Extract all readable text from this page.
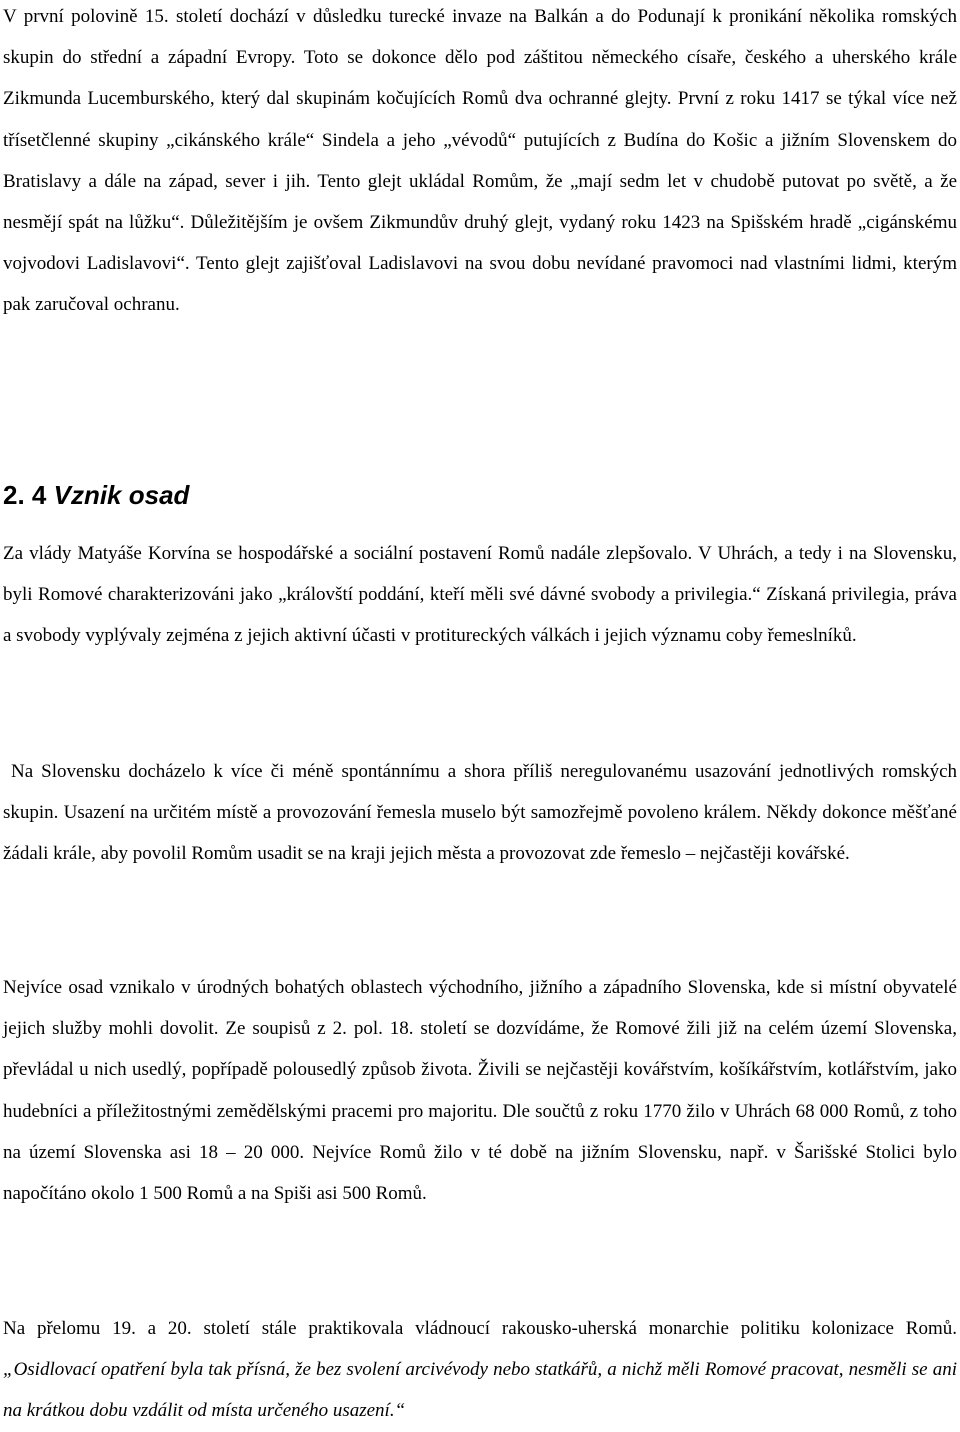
V první polovině 15. století dochází v důsledku turecké invaze na Balkán a do Podunají k pronikání několika romských skupin do střední a západní Evropy. Toto se dokonce dělo pod záštitou německého císaře, českého a uherského krále Zikmunda Lucemburského, který dal skupinám kočujících Romů dva ochranné glejty. První z roku 1417 se týkal více než třísetčlenné skupiny „cikánského krále“ Sindela a jeho „vévodů“ putujících z Budína do Košic a jižním Slovenskem do Bratislavy a dále na západ, sever i jih. Tento glejt ukládal Romům, že „mají sedm let v chudobě putovat po světě, a že nesmějí spát na lůžku“. Důležitějším je ovšem Zikmundův druhý glejt, vydaný roku 1423 na Spišském hradě „cigánskému vojvodovi Ladislavovi“. Tento glejt zajišťoval Ladislavovi na svou dobu nevídané pravomoci nad vlastními lidmi, kterým pak zaručoval ochranu.

2. 4 Vznik osad

Za vlády Matyáše Korvína se hospodářské a sociální postavení Romů nadále zlepšovalo. V Uhrách, a tedy i na Slovensku, byli Romové charakterizováni jako „královští poddání, kteří měli své dávné svobody a privilegia.“ Získaná privilegia, práva a svobody vyplývaly zejména z jejich aktivní účasti v protitureckých válkách i jejich významu coby řemeslníků.

Na Slovensku docházelo k více či méně spontánnímu a shora příliš neregulovanému usazování jednotlivých romských skupin. Usazení na určitém místě a provozování řemesla muselo být samozřejmě povoleno králem. Někdy dokonce měšťané žádali krále, aby povolil Romům usadit se na kraji jejich města a provozovat zde řemeslo – nejčastěji kovářské.

Nejvíce osad vznikalo v úrodných bohatých oblastech východního, jižního a západního Slovenska, kde si místní obyvatelé jejich služby mohli dovolit. Ze soupisů z 2. pol. 18. století se dozvídáme, že Romové žili již na celém území Slovenska, převládal u nich usedlý, popřípadě polousedlý způsob života. Živili se nejčastěji kovářstvím, košíkářstvím, kotlářstvím, jako hudebníci a příležitostnými zemědělskými pracemi pro majoritu. Dle součtů z roku 1770 žilo v Uhrách 68 000 Romů, z toho na území Slovenska asi 18 – 20 000. Nejvíce Romů žilo v té době na jižním Slovensku, např. v Šarišské Stolici bylo napočítáno okolo 1 500 Romů a na Spiši asi 500 Romů.

Na přelomu 19. a 20. století stále praktikovala vládnoucí rakousko-uherská monarchie politiku kolonizace Romů. „Osidlovací opatření byla tak přísná, že bez svolení arcivévody nebo statkářů, a nichž měli Romové pracovat, nesměli se ani na krátkou dobu vzdálit od místa určeného usazení.“
